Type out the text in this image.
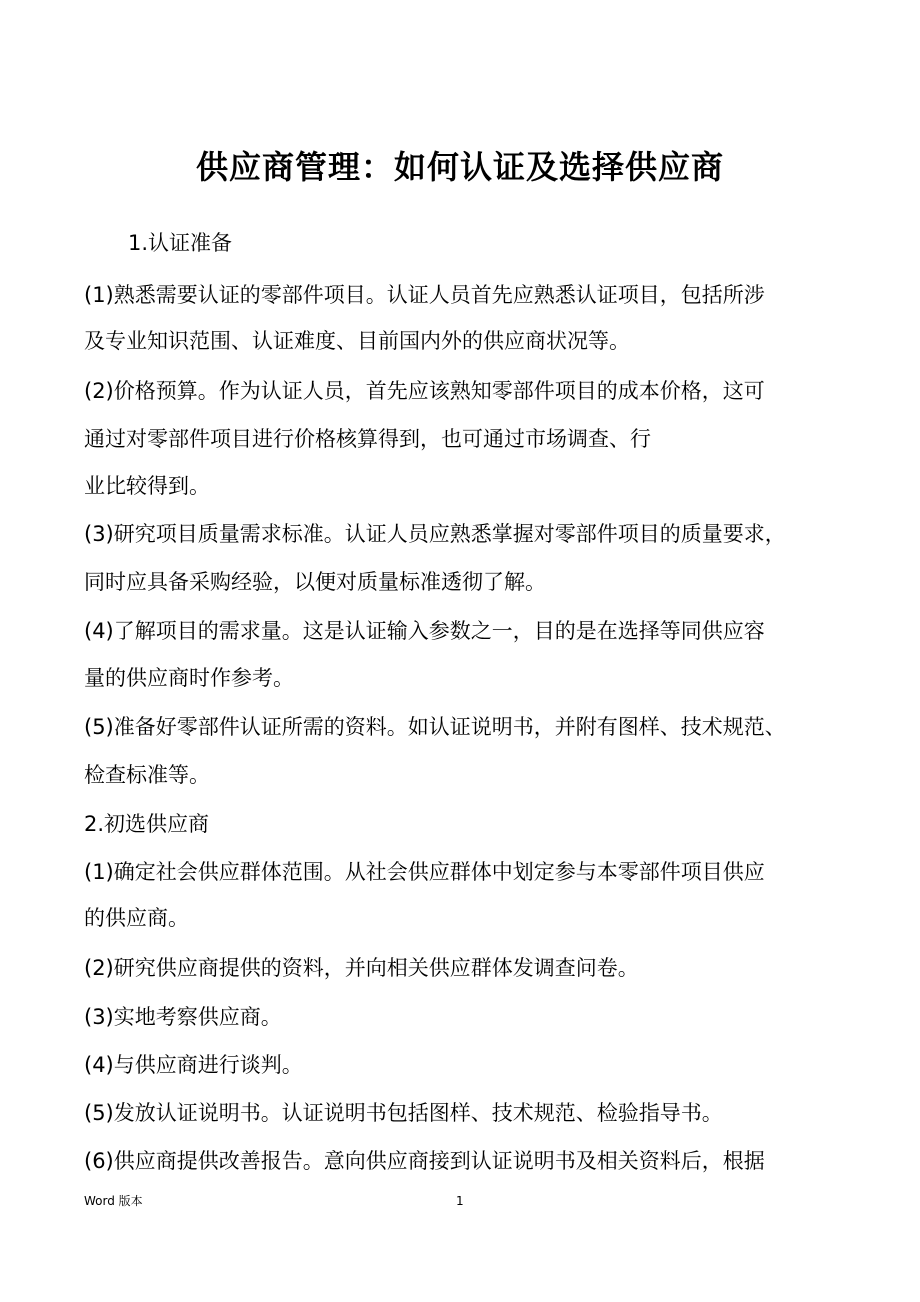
供应商管理：如何认证及选择供应商
1.认证准备
(1)熟悉需要认证的零部件项目。认证人员首先应熟悉认证项目，包括所涉
及专业知识范围、认证难度、目前国内外的供应商状况等。
(2)价格预算。作为认证人员，首先应该熟知零部件项目的成本价格，这可
通过对零部件项目进行价格核算得到，也可通过市场调查、行
业比较得到。
(3)研究项目质量需求标准。认证人员应熟悉掌握对零部件项目的质量要求，
同时应具备采购经验，以便对质量标准透彻了解。
(4)了解项目的需求量。这是认证输入参数之一，目的是在选择等同供应容
量的供应商时作参考。
(5)准备好零部件认证所需的资料。如认证说明书，并附有图样、技术规范、
检查标准等。
2.初选供应商
(1)确定社会供应群体范围。从社会供应群体中划定参与本零部件项目供应
的供应商。
(2)研究供应商提供的资料，并向相关供应群体发调查问卷。
(3)实地考察供应商。
(4)与供应商进行谈判。
(5)发放认证说明书。认证说明书包括图样、技术规范、检验指导书。
(6)供应商提供改善报告。意向供应商接到认证说明书及相关资料后，根据
Word 版本	1
